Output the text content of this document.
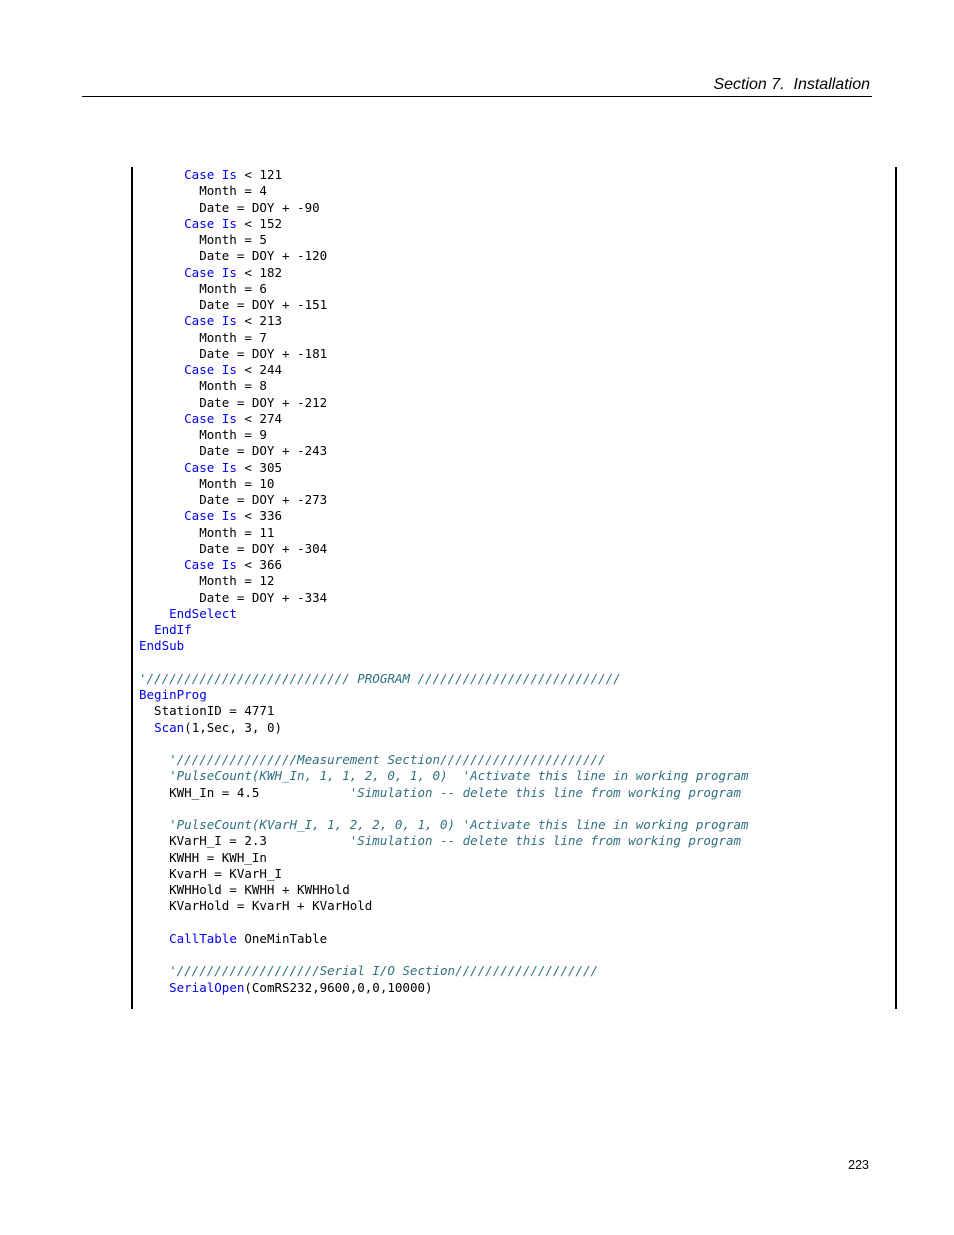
Section 7.  Installation
Case Is < 121
Month = 4
Date = DOY + -90
Case Is < 152
Month = 5
Date = DOY + -120
Case Is < 182
Month = 6
Date = DOY + -151
Case Is < 213
Month = 7
Date = DOY + -181
Case Is < 244
Month = 8
Date = DOY + -212
Case Is < 274
Month = 9
Date = DOY + -243
Case Is < 305
Month = 10
Date = DOY + -273
Case Is < 336
Month = 11
Date = DOY + -304
Case Is < 366
Month = 12
Date = DOY + -334
EndSelect
EndIf
EndSub
'/////////////////////////// PROGRAM ///////////////////////////
BeginProg
StationID = 4771
Scan(1,Sec, 3, 0)
'////////////////Measurement Section//////////////////////
'PulseCount(KWH_In, 1, 1, 2, 0, 1, 0)  'Activate this line in working program
KWH_In = 4.5            'Simulation -- delete this line from working program
'PulseCount(KVarH_I, 1, 2, 2, 0, 1, 0) 'Activate this line in working program
KVarH_I = 2.3           'Simulation -- delete this line from working program
KWHH = KWH_In
KvarH = KVarH_I
KWHHold = KWHH + KWHHold
KVarHold = KvarH + KVarHold
CallTable OneMinTable
'///////////////////Serial I/O Section///////////////////
SerialOpen(ComRS232,9600,0,0,10000)
223
